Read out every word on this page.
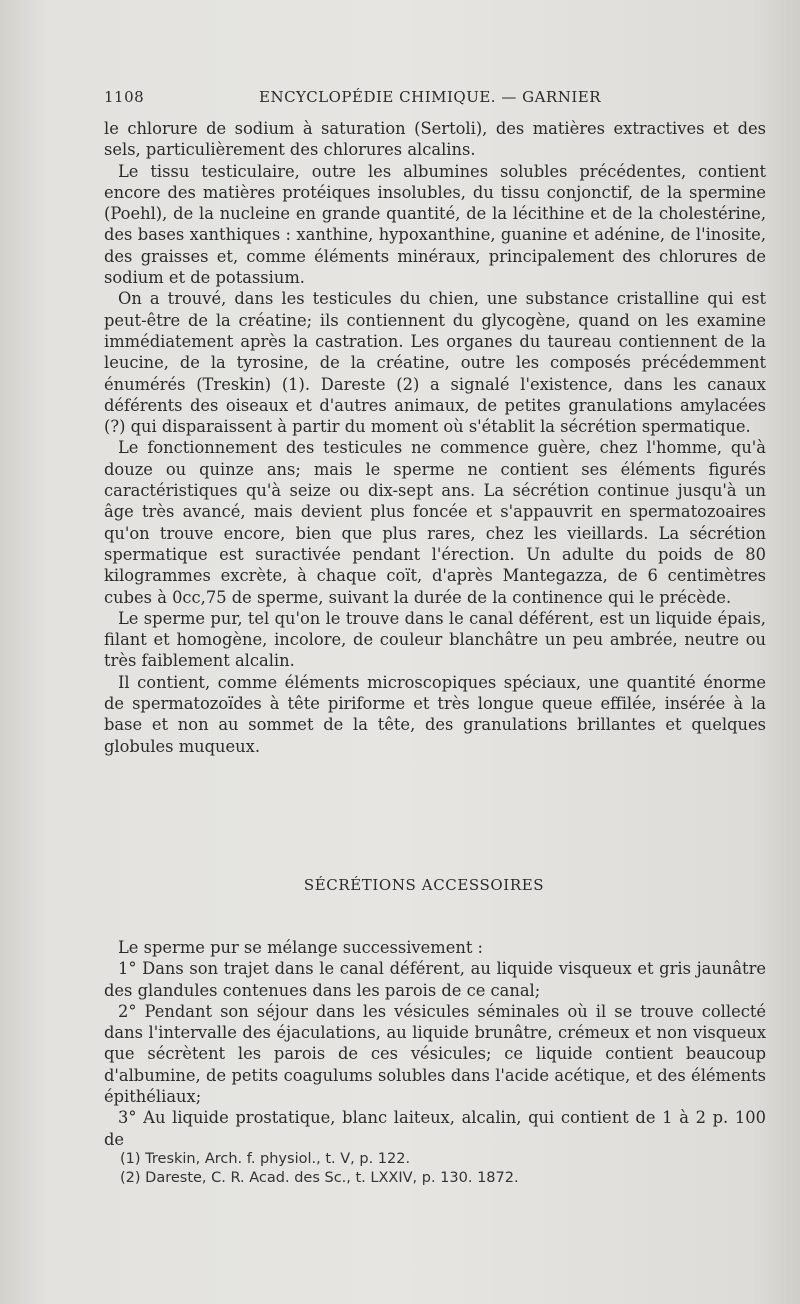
1108	ENCYCLOPÉDIE CHIMIQUE. — GARNIER

le chlorure de sodium à saturation (Sertoli), des matières extractives et des sels, particulièrement des chlorures alcalins.

Le tissu testiculaire, outre les albumines solubles précédentes, contient encore des matières protéiques insolubles, du tissu conjonctif, de la spermine (Poehl), de la nucleine en grande quantité, de la lécithine et de la cholestérine, des bases xanthiques : xanthine, hypoxanthine, guanine et adénine, de l'inosite, des graisses et, comme éléments minéraux, principalement des chlorures de sodium et de potassium.

On a trouvé, dans les testicules du chien, une substance cristalline qui est peut-être de la créatine; ils contiennent du glycogène, quand on les examine immédiatement après la castration. Les organes du taureau contiennent de la leucine, de la tyrosine, de la créatine, outre les composés précédemment énumérés (Treskin) (1). Dareste (2) a signalé l'existence, dans les canaux déférents des oiseaux et d'autres animaux, de petites granulations amylacées (?) qui disparaissent à partir du moment où s'établit la sécrétion spermatique.

Le fonctionnement des testicules ne commence guère, chez l'homme, qu'à douze ou quinze ans; mais le sperme ne contient ses éléments figurés caractéristiques qu'à seize ou dix-sept ans. La sécrétion continue jusqu'à un âge très avancé, mais devient plus foncée et s'appauvrit en spermatozoaires qu'on trouve encore, bien que plus rares, chez les vieillards. La sécrétion spermatique est suractivée pendant l'érection. Un adulte du poids de 80 kilogrammes excrète, à chaque coït, d'après Mantegazza, de 6 centimètres cubes à 0cc,75 de sperme, suivant la durée de la continence qui le précède.

Le sperme pur, tel qu'on le trouve dans le canal déférent, est un liquide épais, filant et homogène, incolore, de couleur blanchâtre un peu ambrée, neutre ou très faiblement alcalin.

Il contient, comme éléments microscopiques spéciaux, une quantité énorme de spermatozoïdes à tête piriforme et très longue queue effilée, insérée à la base et non au sommet de la tête, des granulations brillantes et quelques globules muqueux.

SÉCRÉTIONS ACCESSOIRES

Le sperme pur se mélange successivement :

1° Dans son trajet dans le canal déférent, au liquide visqueux et gris jaunâtre des glandules contenues dans les parois de ce canal;

2° Pendant son séjour dans les vésicules séminales où il se trouve collecté dans l'intervalle des éjaculations, au liquide brunâtre, crémeux et non visqueux que sécrètent les parois de ces vésicules; ce liquide contient beaucoup d'albumine, de petits coagulums solubles dans l'acide acétique, et des éléments épithéliaux;

3° Au liquide prostatique, blanc laiteux, alcalin, qui contient de 1 à 2 p. 100 de

(1) Treskin, Arch. f. physiol., t. V, p. 122.
(2) Dareste, C. R. Acad. des Sc., t. LXXIV, p. 130. 1872.
